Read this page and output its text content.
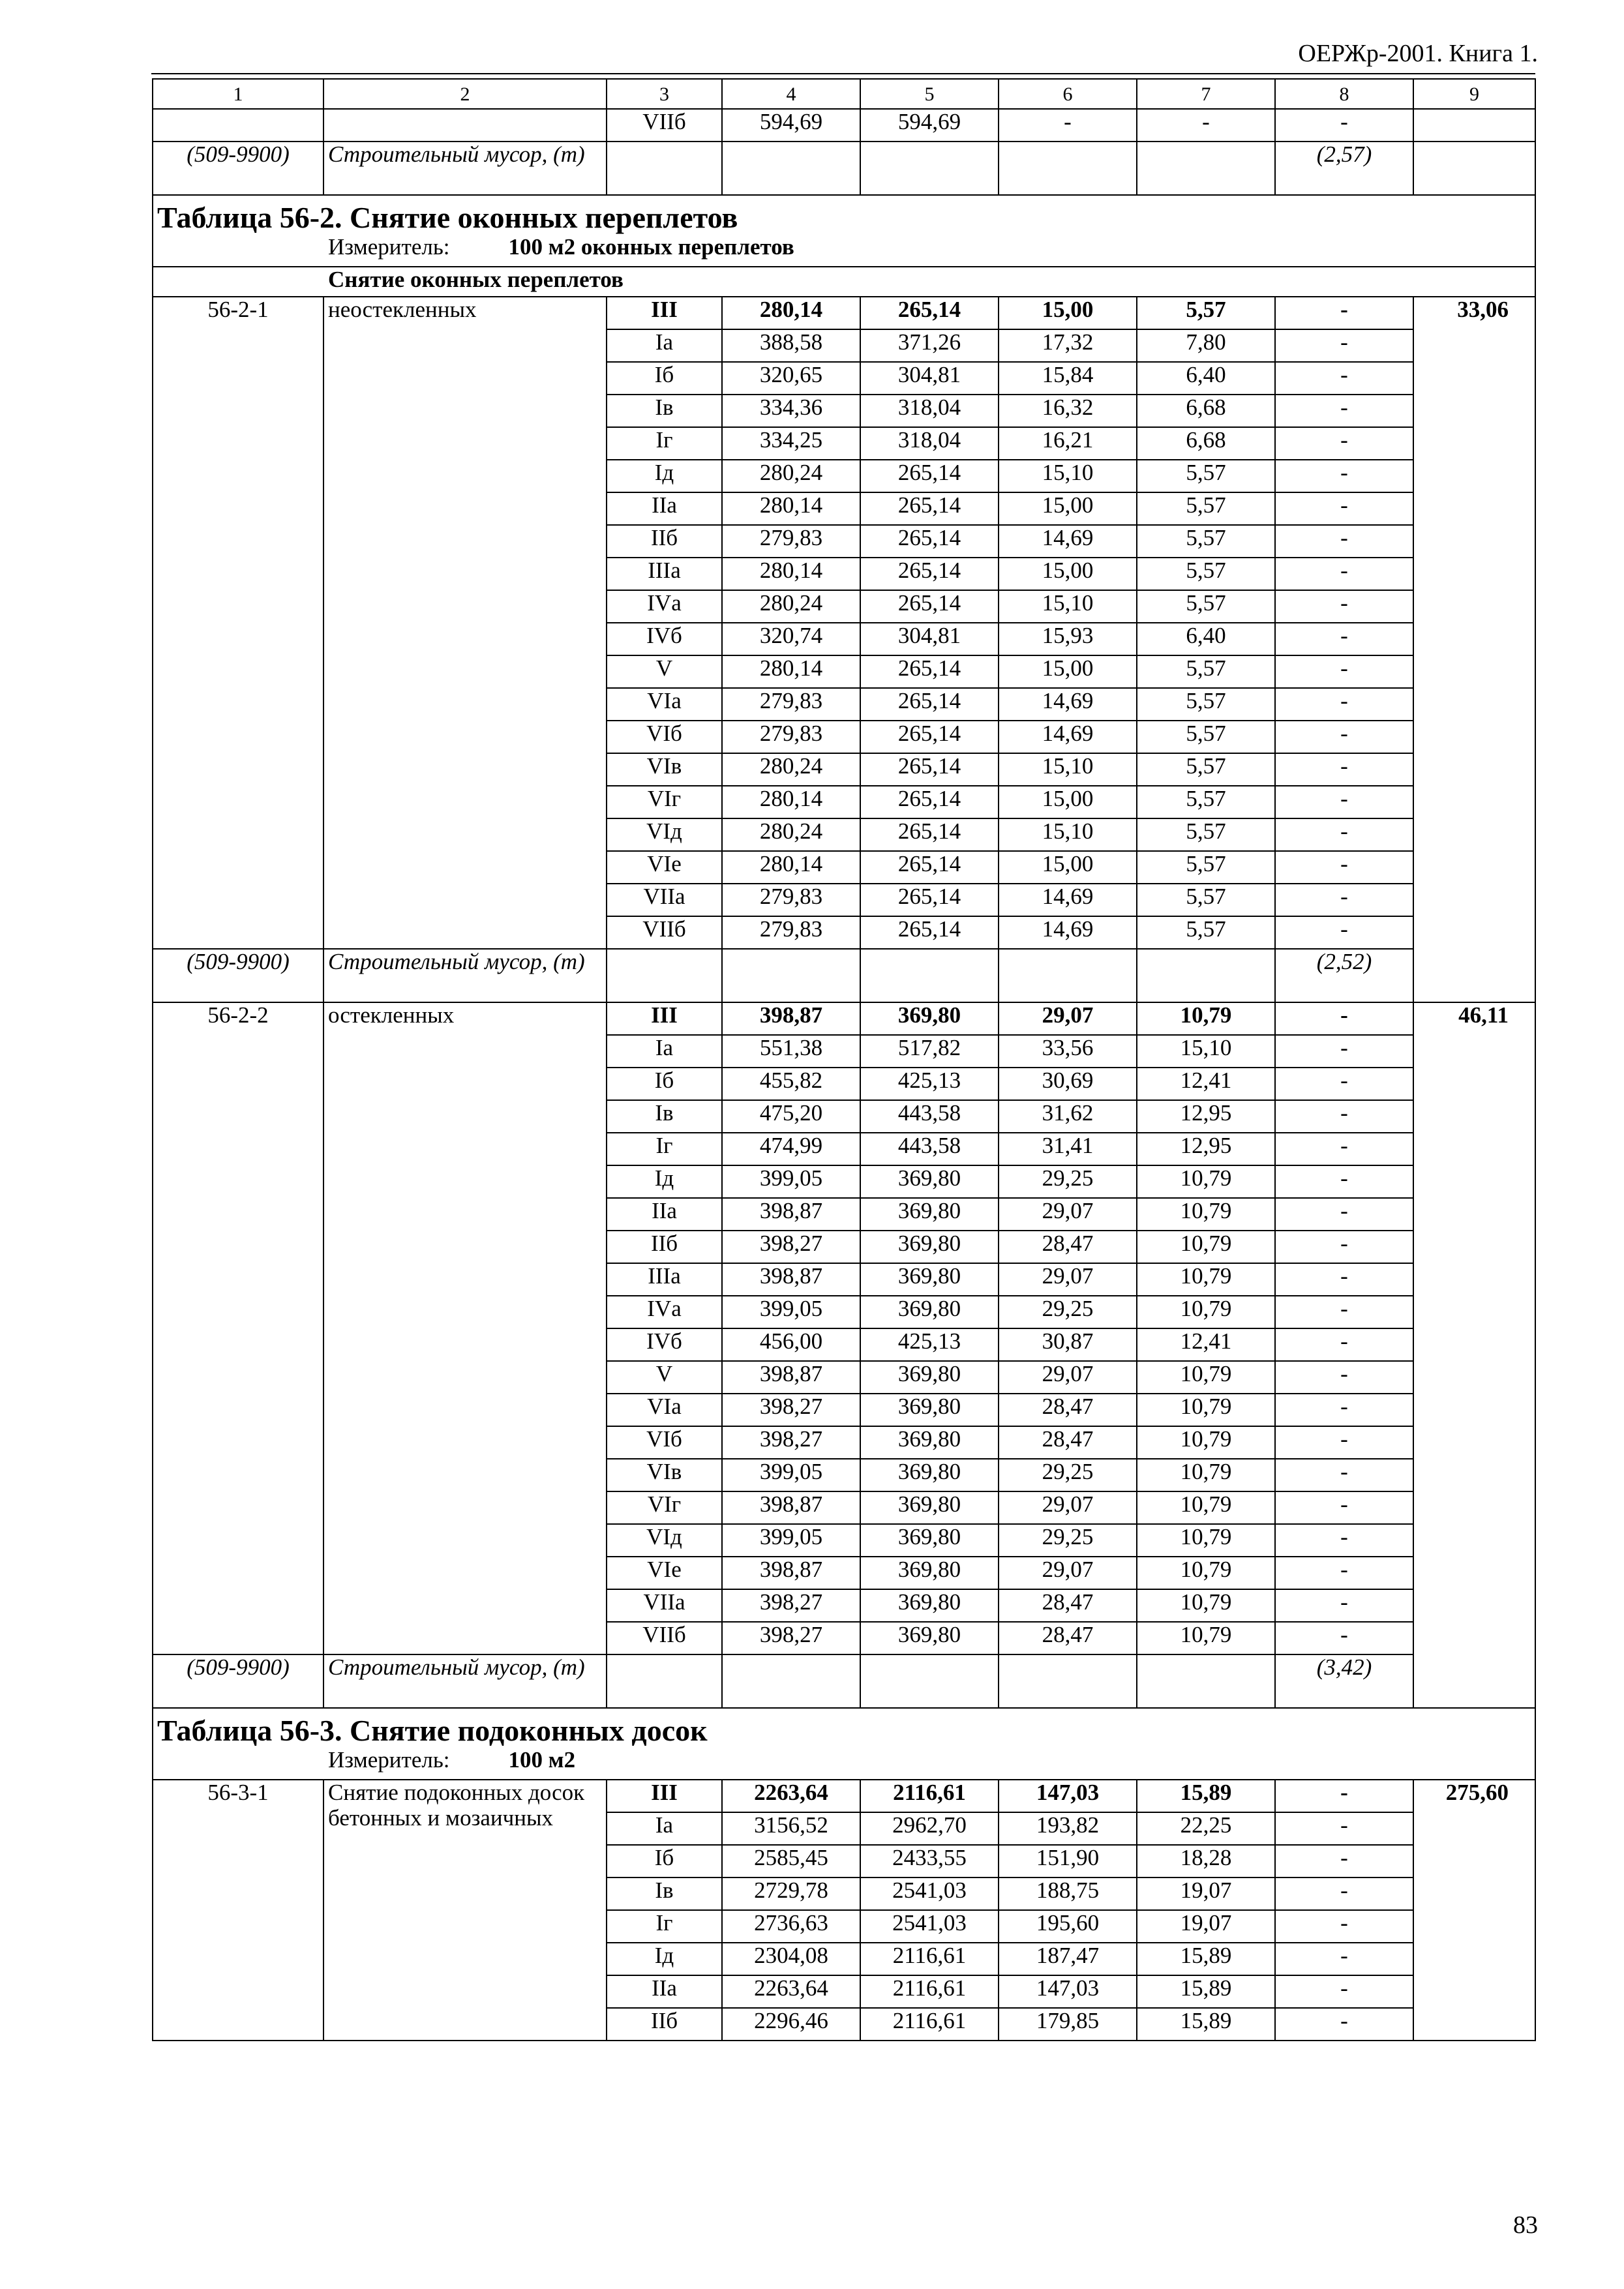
ОЕРЖр-2001. Книга 1.
1	2	3	4	5	6	7	8	9
		VIIб	594,69	594,69	-	-	-	
(509-9900)	Строительный мусор, (т)						(2,57)	
Таблица 56-2. Снятие оконных переплетов								
Измеритель: 100 м2 оконных переплетов								
Снятие оконных переплетов								
56-2-1	неостекленных	III	280,14	265,14	15,00	5,57	-	33,06
		Iа	388,58	371,26	17,32	7,80	-	
		Iб	320,65	304,81	15,84	6,40	-	
		Iв	334,36	318,04	16,32	6,68	-	
		Iг	334,25	318,04	16,21	6,68	-	
		Iд	280,24	265,14	15,10	5,57	-	
		IIа	280,14	265,14	15,00	5,57	-	
		IIб	279,83	265,14	14,69	5,57	-	
		IIIа	280,14	265,14	15,00	5,57	-	
		IVа	280,24	265,14	15,10	5,57	-	
		IVб	320,74	304,81	15,93	6,40	-	
		V	280,14	265,14	15,00	5,57	-	
		VIа	279,83	265,14	14,69	5,57	-	
		VIб	279,83	265,14	14,69	5,57	-	
		VIв	280,24	265,14	15,10	5,57	-	
		VIг	280,14	265,14	15,00	5,57	-	
		VIд	280,24	265,14	15,10	5,57	-	
		VIе	280,14	265,14	15,00	5,57	-	
		VIIа	279,83	265,14	14,69	5,57	-	
		VIIб	279,83	265,14	14,69	5,57	-	
(509-9900)	Строительный мусор, (т)						(2,52)	
56-2-2	остекленных	III	398,87	369,80	29,07	10,79	-	46,11
		Iа	551,38	517,82	33,56	15,10	-	
		Iб	455,82	425,13	30,69	12,41	-	
		Iв	475,20	443,58	31,62	12,95	-	
		Iг	474,99	443,58	31,41	12,95	-	
		Iд	399,05	369,80	29,25	10,79	-	
		IIа	398,87	369,80	29,07	10,79	-	
		IIб	398,27	369,80	28,47	10,79	-	
		IIIа	398,87	369,80	29,07	10,79	-	
		IVа	399,05	369,80	29,25	10,79	-	
		IVб	456,00	425,13	30,87	12,41	-	
		V	398,87	369,80	29,07	10,79	-	
		VIа	398,27	369,80	28,47	10,79	-	
		VIб	398,27	369,80	28,47	10,79	-	
		VIв	399,05	369,80	29,25	10,79	-	
		VIг	398,87	369,80	29,07	10,79	-	
		VIд	399,05	369,80	29,25	10,79	-	
		VIе	398,87	369,80	29,07	10,79	-	
		VIIа	398,27	369,80	28,47	10,79	-	
		VIIб	398,27	369,80	28,47	10,79	-	
(509-9900)	Строительный мусор, (т)						(3,42)	
Таблица 56-3. Снятие подоконных досок								
Измеритель: 100 м2								
56-3-1	Снятие подоконных досок бетонных и мозаичных	III	2263,64	2116,61	147,03	15,89	-	275,60
		Iа	3156,52	2962,70	193,82	22,25	-	
		Iб	2585,45	2433,55	151,90	18,28	-	
		Iв	2729,78	2541,03	188,75	19,07	-	
		Iг	2736,63	2541,03	195,60	19,07	-	
		Iд	2304,08	2116,61	187,47	15,89	-	
		IIа	2263,64	2116,61	147,03	15,89	-	
		IIб	2296,46	2116,61	179,85	15,89	-	
83
